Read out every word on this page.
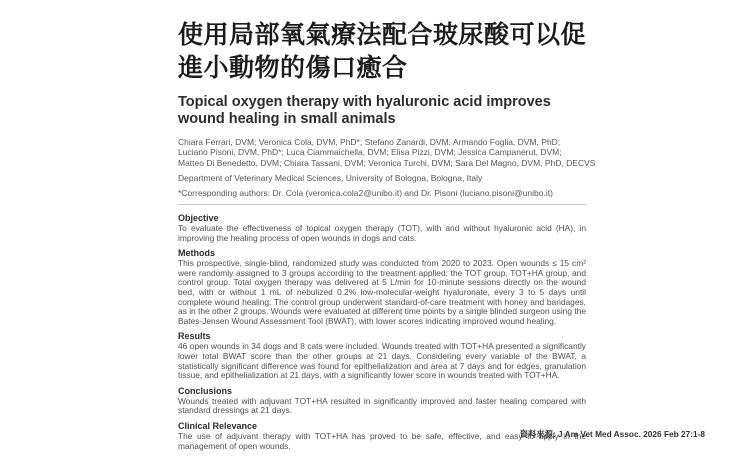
使用局部氧氣療法配合玻尿酸可以促進小動物的傷口癒合
Topical oxygen therapy with hyaluronic acid improves wound healing in small animals
Chiara Ferrari, DVM; Veronica Cola, DVM, PhD*; Stefano Zanardi, DVM; Armando Foglia, DVM, PhD;
Luciano Pisoni, DVM, PhD*; Luca Ciammaichella, DVM; Elisa Pizzi, DVM; Jessica Campanerut, DVM;
Matteo Di Benedetto, DVM; Chiara Tassani, DVM; Veronica Turchi, DVM; Sara Del Magno, DVM, PhD, DECVS
Department of Veterinary Medical Sciences, University of Bologna, Bologna, Italy
*Corresponding authors: Dr. Cola (veronica.cola2@unibo.it) and Dr. Pisoni (luciano.pisoni@unibo.it)
Objective
To evaluate the effectiveness of topical oxygen therapy (TOT), with and without hyaluronic acid (HA), in improving the healing process of open wounds in dogs and cats.
Methods
This prospective, single-blind, randomized study was conducted from 2020 to 2023. Open wounds ≤ 15 cm² were randomly assigned to 3 groups according to the treatment applied: the TOT group, TOT+HA group, and control group. Total oxygen therapy was delivered at 5 L/min for 10-minute sessions directly on the wound bed, with or without 1 mL of nebulized 0.2% low-molecular-weight hyaluronate, every 3 to 5 days until complete wound healing. The control group underwent standard-of-care treatment with honey and bandages, as in the other 2 groups. Wounds were evaluated at different time points by a single blinded surgeon using the Bates-Jensen Wound Assessment Tool (BWAT), with lower scores indicating improved wound healing.
Results
46 open wounds in 34 dogs and 8 cats were included. Wounds treated with TOT+HA presented a significantly lower total BWAT score than the other groups at 21 days. Considering every variable of the BWAT, a statistically significant difference was found for epithelialization and area at 7 days and for edges, granulation tissue, and epithelialization at 21 days, with a significantly lower score in wounds treated with TOT+HA.
Conclusions
Wounds treated with adjuvant TOT+HA resulted in significantly improved and faster healing compared with standard dressings at 21 days.
Clinical Relevance
The use of adjuvant therapy with TOT+HA has proved to be safe, effective, and easy to apply in the management of open wounds.
資料來源: J Am Vet Med Assoc. 2026 Feb 27:1-8
